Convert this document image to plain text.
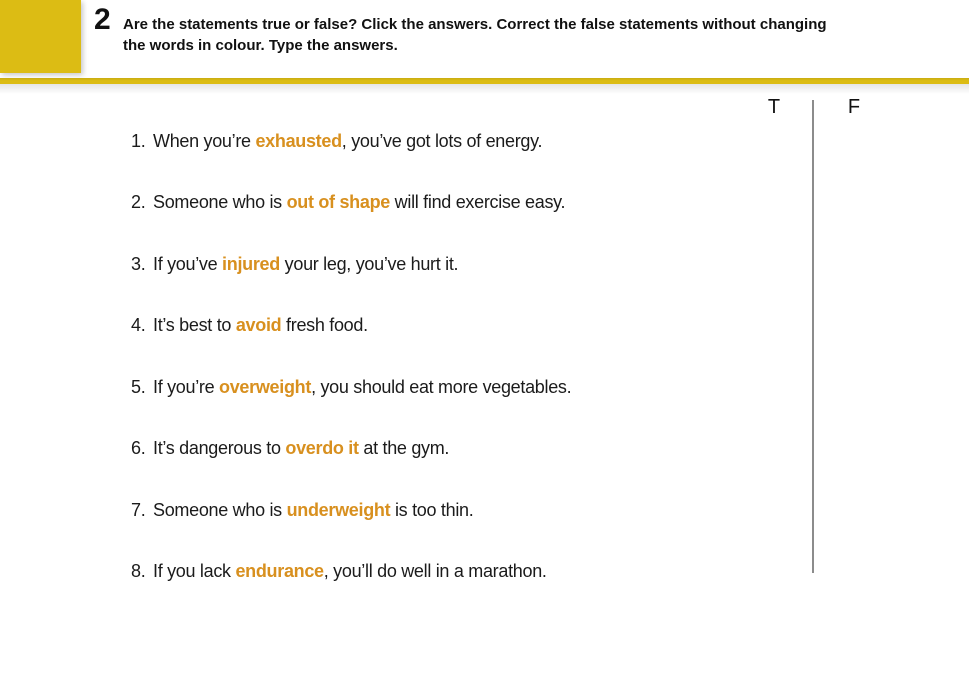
2 Are the statements true or false? Click the answers. Correct the false statements without changing
the words in colour. Type the answers.
T	F
1. When you’re exhausted, you’ve got lots of energy.
2. Someone who is out of shape will find exercise easy.
3. If you’ve injured your leg, you’ve hurt it.
4. It’s best to avoid fresh food.
5. If you’re overweight, you should eat more vegetables.
6. It’s dangerous to overdo it at the gym.
7. Someone who is underweight is too thin.
8. If you lack endurance, you’ll do well in a marathon.
